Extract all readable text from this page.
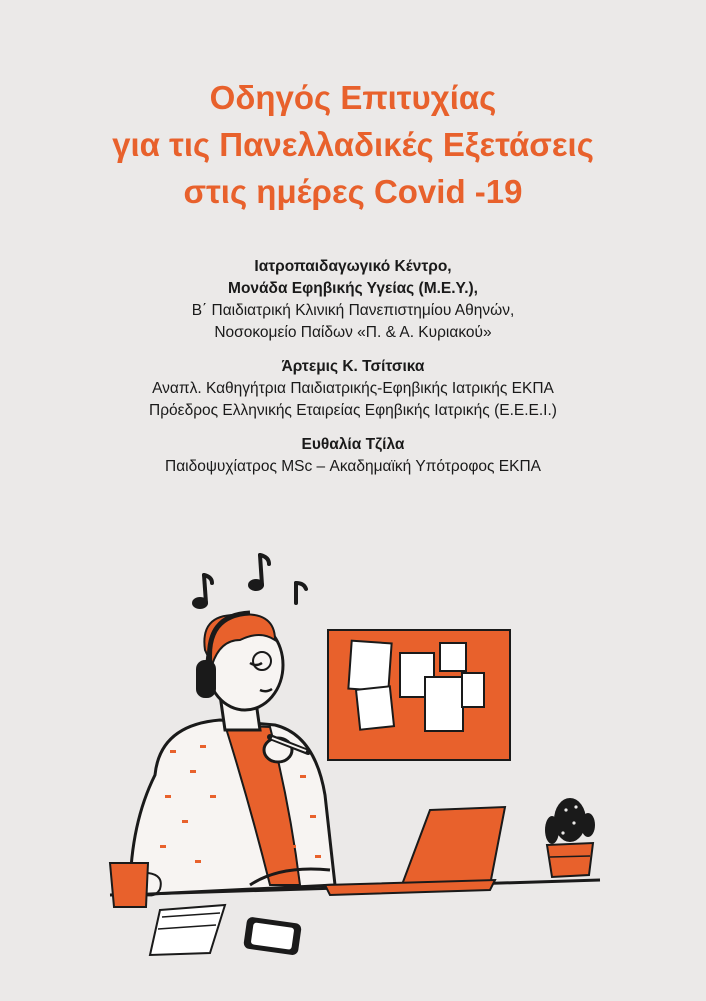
Οδηγός Επιτυχίας
για τις Πανελλαδικές Εξετάσεις
στις ημέρες Covid -19
Ιατροπαιδαγωγικό Κέντρο,
Μονάδα Εφηβικής Υγείας (Μ.Ε.Υ.),
Β΄ Παιδιατρική Κλινική Πανεπιστημίου Αθηνών,
Νοσοκομείο Παίδων «Π. & Α. Κυριακού»
Άρτεμις Κ. Τσίτσικα
Αναπλ. Καθηγήτρια Παιδιατρικής-Εφηβικής Ιατρικής ΕΚΠΑ
Πρόεδρος Ελληνικής Εταιρείας Εφηβικής Ιατρικής (Ε.Ε.Ε.Ι.)
Ευθαλία Τζίλα
Παιδοψυχίατρος MSc – Ακαδημαϊκή Υπότροφος ΕΚΠΑ
